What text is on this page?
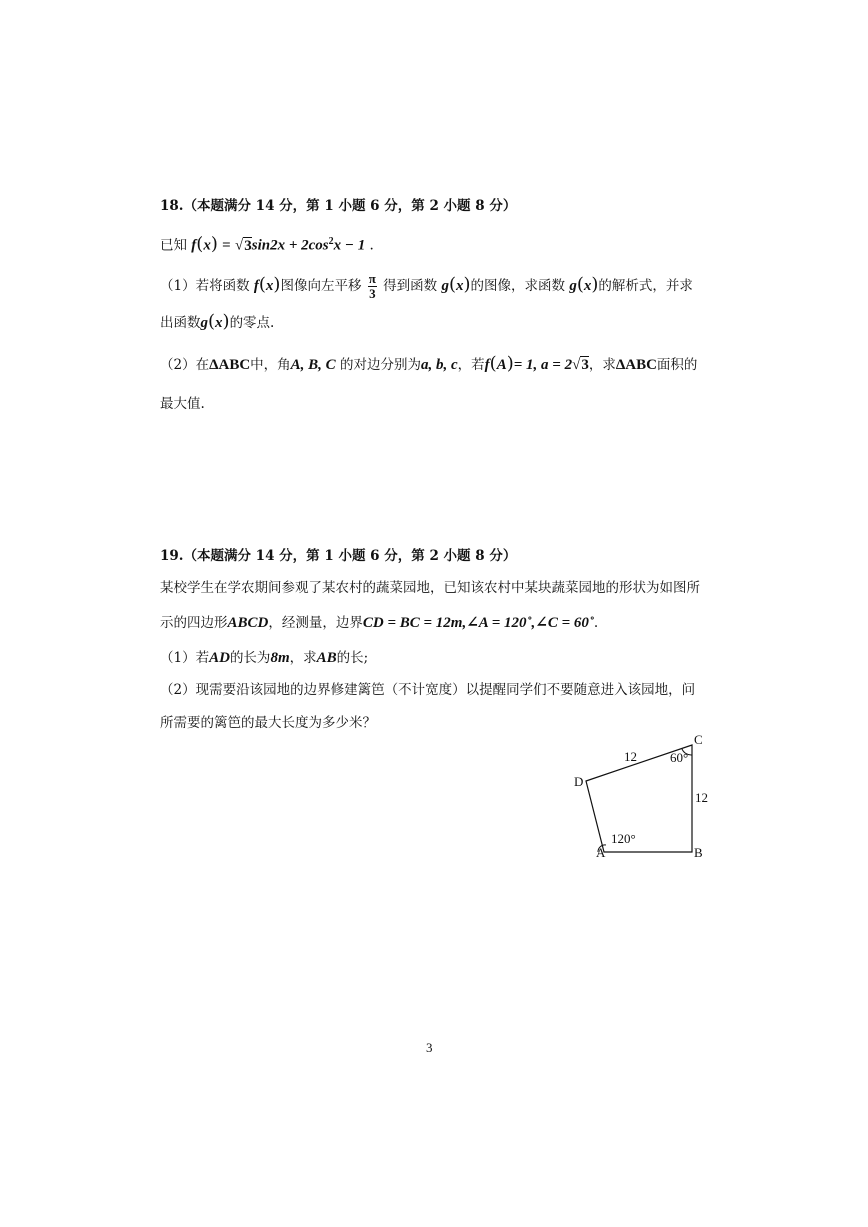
18.（本题满分 14 分，第 1 小题 6 分，第 2 小题 8 分）
已知 $f(x) = √3\sin 2x + 2\cos^2x - 1$ .
（1）若将函数 f(x)图像向左平移 $\frac{\pi}{3}$ 得到函数 g(x)的图像，求函数 g(x)的解析式，并求
出函数g(x)的零点.
（2）在ΔABC中，角A, B, C 的对边分别为a, b, c，若f(A)= 1, a = 2√3，求ΔABC面积的
最大值.
19.（本题满分 14 分，第 1 小题 6 分，第 2 小题 8 分）
某校学生在学农期间参观了某农村的蔬菜园地，已知该农村中某块蔬菜园地的形状为如图所
示的四边形ABCD，经测量，边界CD = BC = 12m,∠A = 120˚,∠C = 60˚.
（1）若AD的长为8m，求AB的长;
（2）现需要沿该园地的边界修建篱笆（不计宽度）以提醒同学们不要随意进入该园地，问
所需要的篱笆的最大长度为多少米？
D
C
B
A
12
12
60°
120°
3
